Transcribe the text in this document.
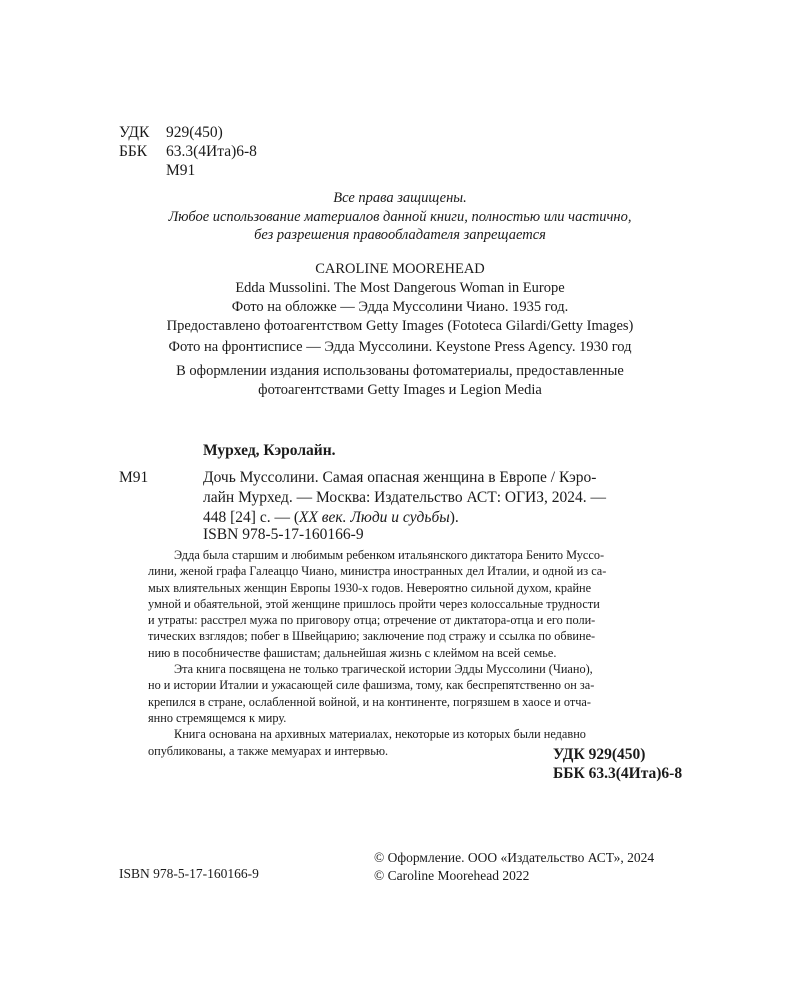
УДК	929(450)
ББК	63.3(4Ита)6-8
М91
Все права защищены.
Любое использование материалов данной книги, полностью или частично,
без разрешения правообладателя запрещается
CAROLINE MOOREHEAD
Edda Mussolini. The Most Dangerous Woman in Europe
Фото на обложке — Эдда Муссолини Чиано. 1935 год.
Предоставлено фотоагентством Getty Images (Fototeca Gilardi/Getty Images)
Фото на фронтисписе — Эдда Муссолини. Keystone Press Agency. 1930 год
В оформлении издания использованы фотоматериалы, предоставленные
фотоагентствами Getty Images и Legion Media
Мурхед, Кэролайн.
М91	Дочь Муссолини. Самая опасная женщина в Европе / Кэро-
лайн Мурхед. — Москва: Издательство АСТ: ОГИЗ, 2024. —
448 [24] с. — (XX век. Люди и судьбы).
ISBN 978-5-17-160166-9
Эдда была старшим и любимым ребенком итальянского диктатора Бенито Муссо-
лини, женой графа Галеаццо Чиано, министра иностранных дел Италии, и одной из са-
мых влиятельных женщин Европы 1930-х годов. Невероятно сильной духом, крайне
умной и обаятельной, этой женщине пришлось пройти через колоссальные трудности
и утраты: расстрел мужа по приговору отца; отречение от диктатора-отца и его поли-
тических взглядов; побег в Швейцарию; заключение под стражу и ссылка по обвине-
нию в пособничестве фашистам; дальнейшая жизнь с клеймом на всей семье.
Эта книга посвящена не только трагической истории Эдды Муссолини (Чиано),
но и истории Италии и ужасающей силе фашизма, тому, как беспрепятственно он за-
крепился в стране, ослабленной войной, и на континенте, погрязшем в хаосе и отча-
янно стремящемся к миру.
Книга основана на архивных материалах, некоторые из которых были недавно
опубликованы, а также мемуарах и интервью.	УДК 929(450)
ББК 63.3(4Ита)6-8
© Оформление. ООО «Издательство АСТ», 2024
© Caroline Moorehead 2022
ISBN 978-5-17-160166-9
